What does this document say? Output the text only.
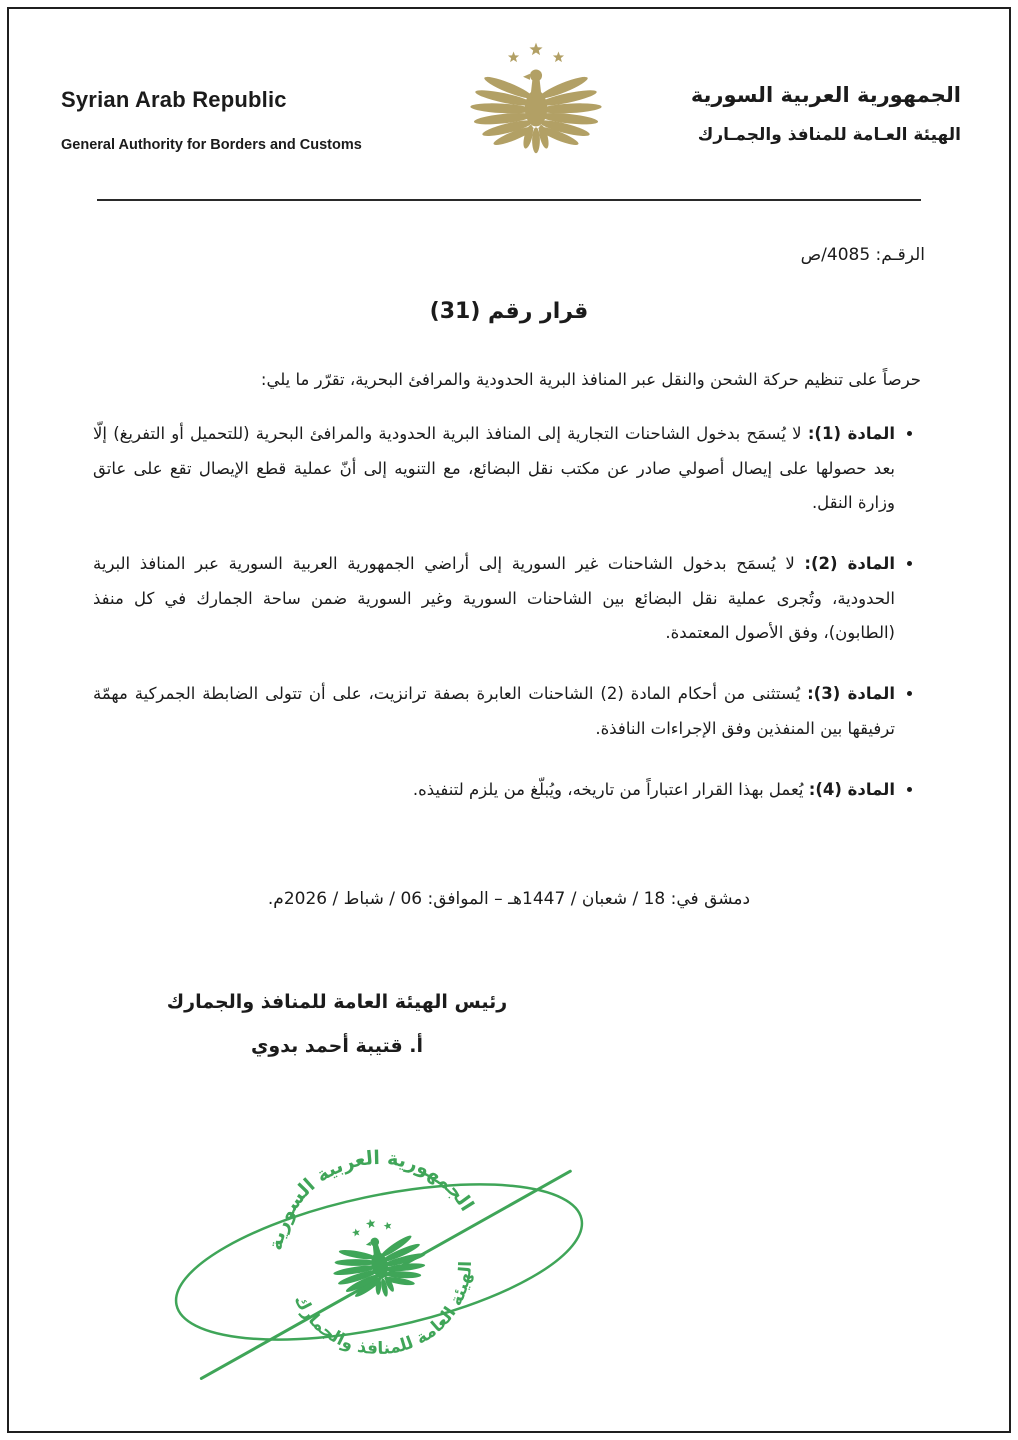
Syrian Arab Republic
General Authority for Borders and Customs
الجمهورية العربية السورية
الهيئة العـامة للمنافذ والجمـارك
الرقـم: 4085/ص
قرار رقم (31)

حرصاً على تنظيم حركة الشحن والنقل عبر المنافذ البرية الحدودية والمرافئ البحرية، تقرّر ما يلي:

• المادة (1): لا يُسمَح بدخول الشاحنات التجارية إلى المنافذ البرية الحدودية والمرافئ البحرية (للتحميل أو التفريغ) إلّا بعد حصولها على إيصال أصولي صادر عن مكتب نقل البضائع، مع التنويه إلى أنّ عملية قطع الإيصال تقع على عاتق وزارة النقل.
• المادة (2): لا يُسمَح بدخول الشاحنات غير السورية إلى أراضي الجمهورية العربية السورية عبر المنافذ البرية الحدودية، وتُجرى عملية نقل البضائع بين الشاحنات السورية وغير السورية ضمن ساحة الجمارك في كل منفذ (الطابون)، وفق الأصول المعتمدة.
• المادة (3): يُستثنى من أحكام المادة (2) الشاحنات العابرة بصفة ترانزيت، على أن تتولى الضابطة الجمركية مهمّة ترفيقها بين المنفذين وفق الإجراءات النافذة.
• المادة (4): يُعمل بهذا القرار اعتباراً من تاريخه، ويُبلّغ من يلزم لتنفيذه.
دمشق في: 18 / شعبان / 1447هـ – الموافق: 06 / شباط / 2026م.
رئيس الهيئة العامة للمنافذ والجمارك
أ. قتيبة أحمد بدوي
الجمهورية العربية السورية
الهيئة العامة للمنافذ والجمارك
